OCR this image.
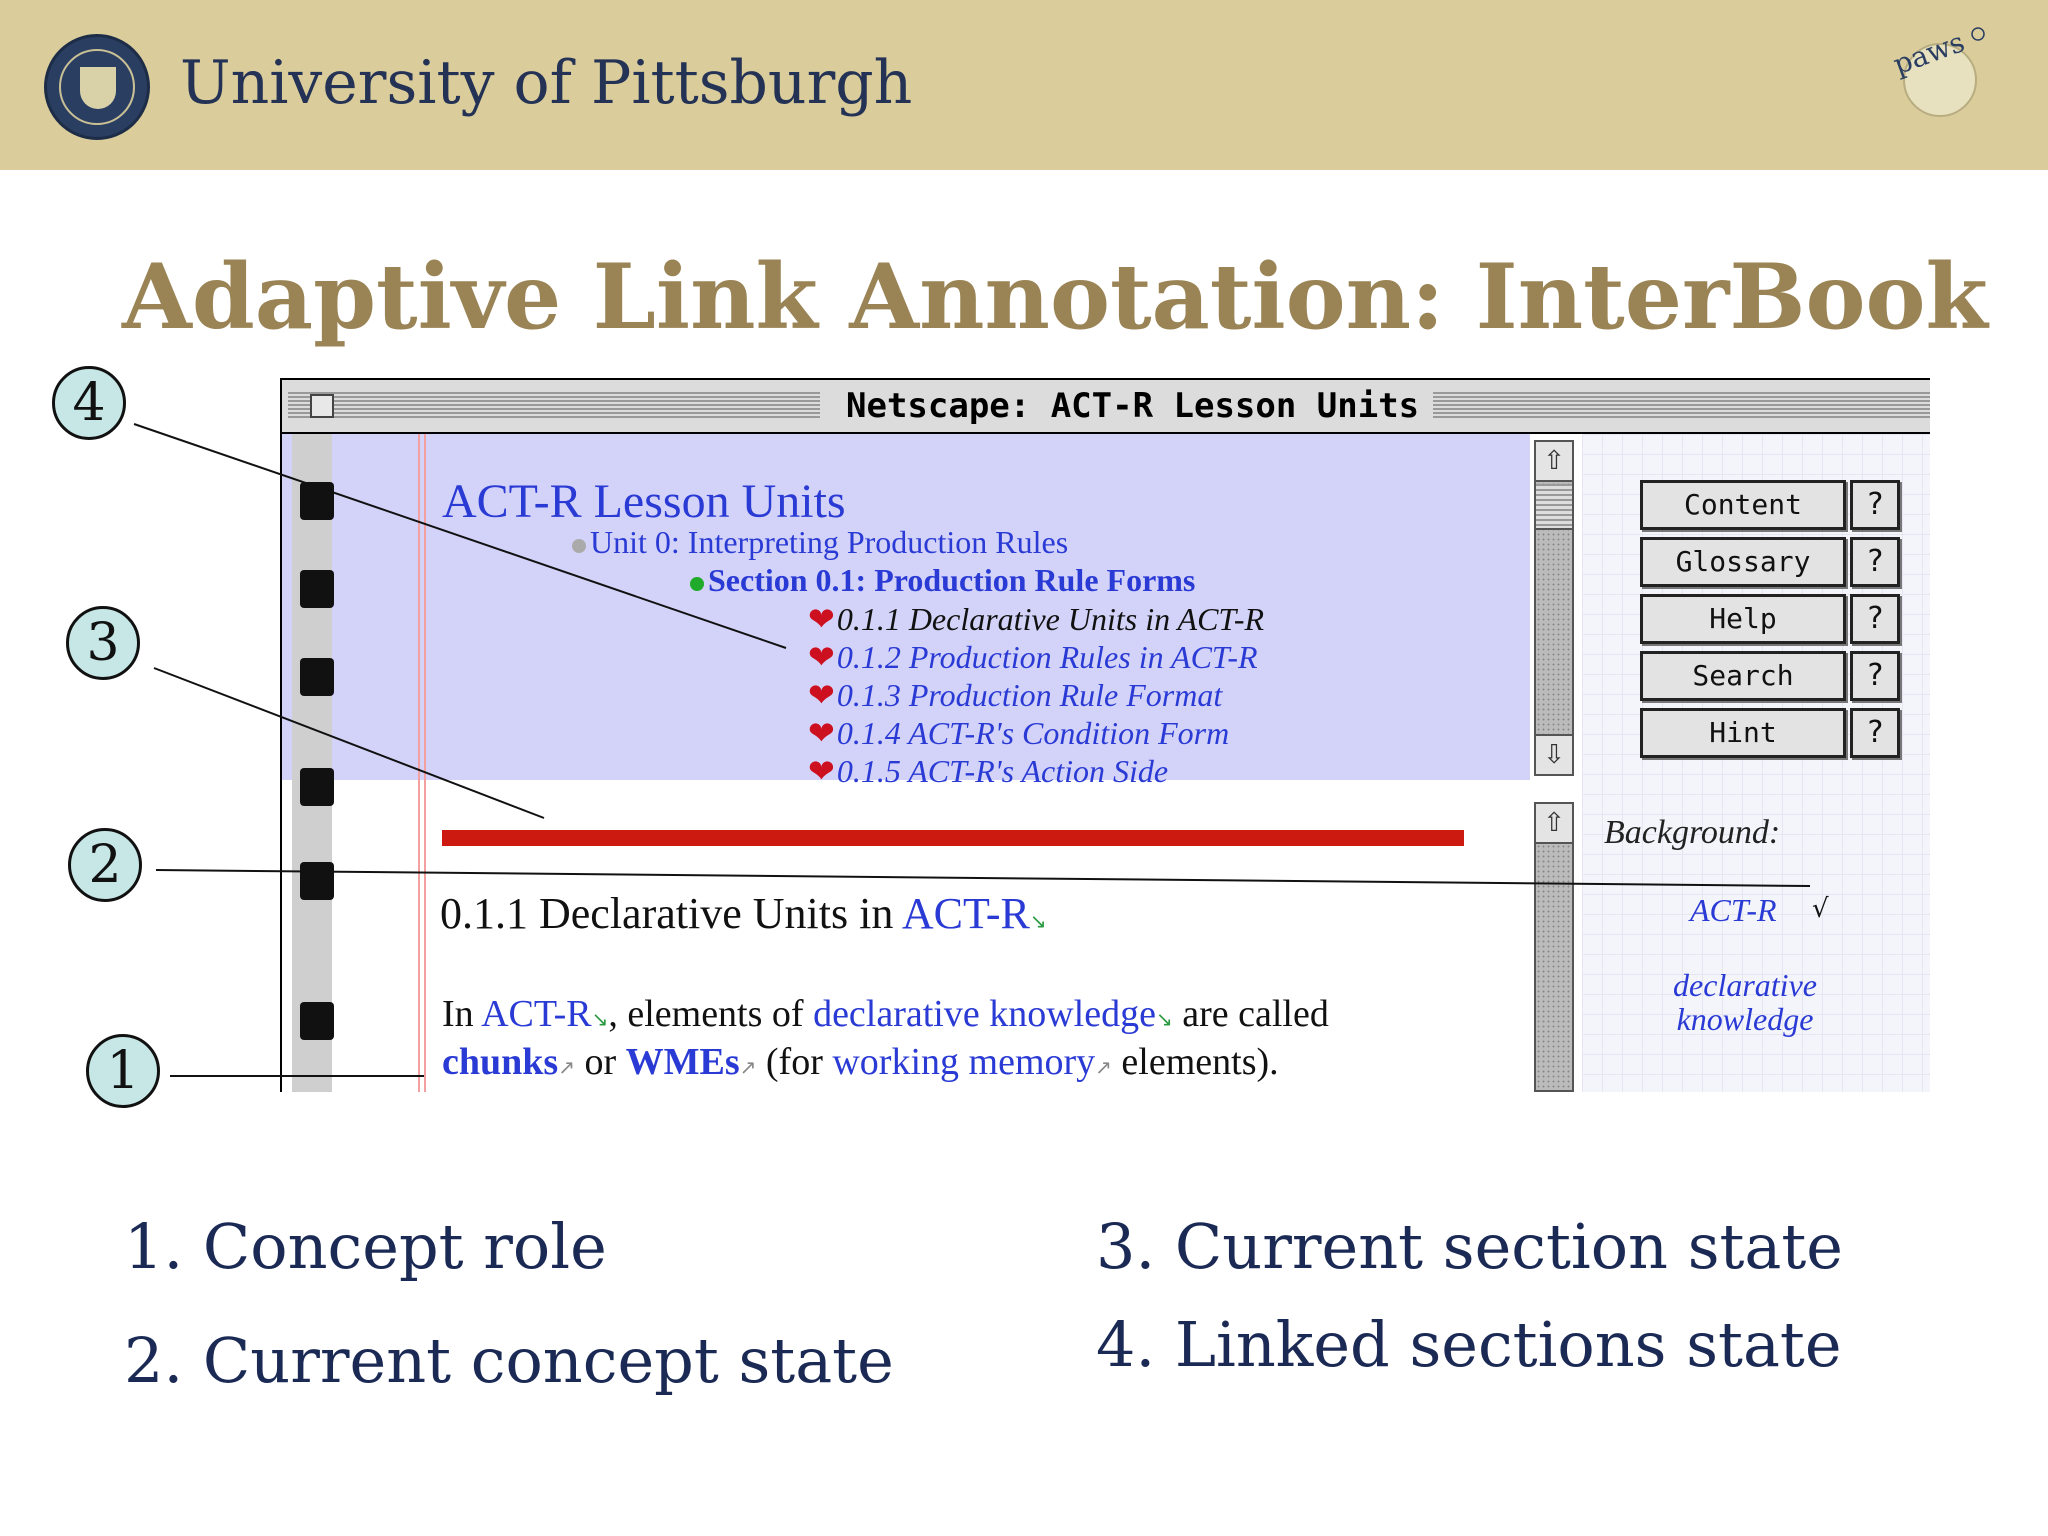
University of Pittsburgh	paws
Adaptive Link Annotation: InterBook
Netscape: ACT-R Lesson Units
ACT-R Lesson Units
Unit 0: Interpreting Production Rules
Section 0.1: Production Rule Forms
❤0.1.1 Declarative Units in ACT-R
❤0.1.2 Production Rules in ACT-R
❤0.1.3 Production Rule Format
❤0.1.4 ACT-R's Condition Form
❤0.1.5 ACT-R's Action Side
⇧
⇩
⇧
Content	?
Glossary	?
Help	?
Search	?
Hint	?
Background:
ACT-R √
declarative
knowledge
0.1.1 Declarative Units in ACT-R↘
In ACT-R↘, elements of declarative knowledge↘ are called
chunks↗ or WMEs↗ (for working memory↗ elements).
4
3
2
1
1. Concept role
2. Current concept state
3. Current section state
4. Linked sections state
